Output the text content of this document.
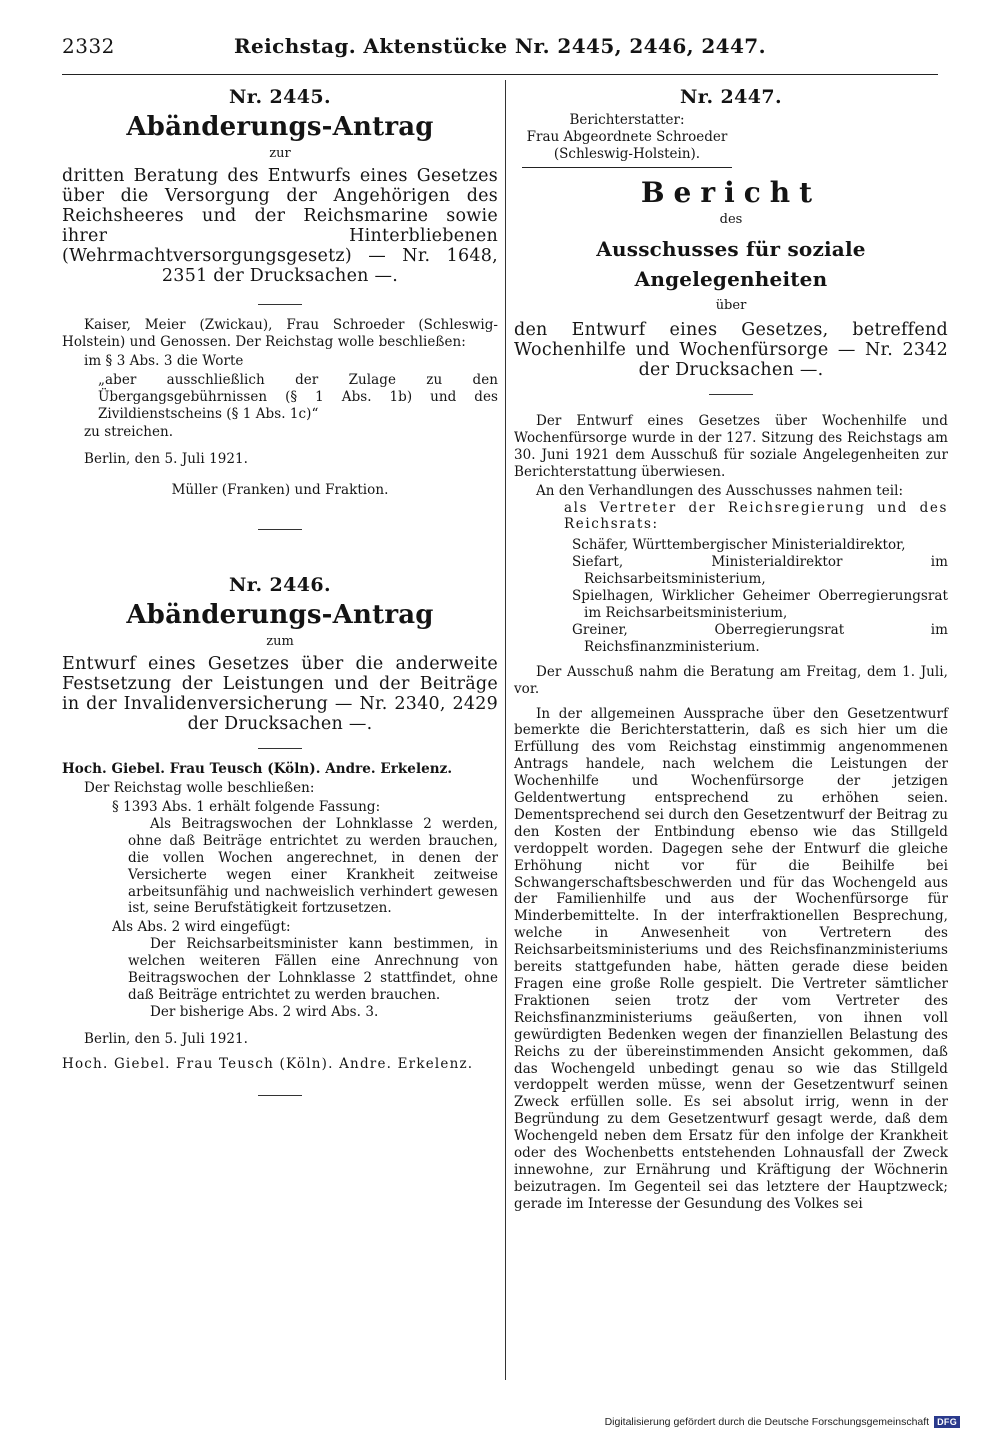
2332	Reichstag. Aktenstücke Nr. 2445, 2446, 2447.

Nr. 2445.

Abänderungs-Antrag

zur

dritten Beratung des Entwurfs eines Gesetzes über die Versorgung der Angehörigen des Reichsheeres und der Reichsmarine sowie ihrer Hinterbliebenen (Wehrmachtversorgungsgesetz) — Nr. 1648, 2351 der Drucksachen —.

Kaiser, Meier (Zwickau), Frau Schroeder (Schleswig-Holstein) und Genossen. Der Reichstag wolle beschließen:

im § 3 Abs. 3 die Worte

„aber ausschließlich der Zulage zu den Übergangsgebührnissen (§ 1 Abs. 1b) und des Zivildienstscheins (§ 1 Abs. 1c)“

zu streichen.

Berlin, den 5. Juli 1921.

Müller (Franken) und Fraktion.

Nr. 2446.

Abänderungs-Antrag

zum

Entwurf eines Gesetzes über die anderweite Festsetzung der Leistungen und der Beiträge in der Invalidenversicherung — Nr. 2340, 2429 der Drucksachen —.

Hoch. Giebel. Frau Teusch (Köln). Andre. Erkelenz.

Der Reichstag wolle beschließen:

§ 1393 Abs. 1 erhält folgende Fassung:

Als Beitragswochen der Lohnklasse 2 werden, ohne daß Beiträge entrichtet zu werden brauchen, die vollen Wochen angerechnet, in denen der Versicherte wegen einer Krankheit zeitweise arbeitsunfähig und nachweislich verhindert gewesen ist, seine Berufstätigkeit fortzusetzen.

Als Abs. 2 wird eingefügt:

Der Reichsarbeitsminister kann bestimmen, in welchen weiteren Fällen eine Anrechnung von Beitragswochen der Lohnklasse 2 stattfindet, ohne daß Beiträge entrichtet zu werden brauchen.

Der bisherige Abs. 2 wird Abs. 3.

Berlin, den 5. Juli 1921.

Hoch. Giebel. Frau Teusch (Köln). Andre. Erkelenz.

Nr. 2447.

Berichterstatter:

Frau Abgeordnete Schroeder

(Schleswig-Holstein).

Bericht

des

Ausschusses für soziale Angelegenheiten

über

den Entwurf eines Gesetzes, betreffend Wochenhilfe und Wochenfürsorge — Nr. 2342 der Drucksachen —.

Der Entwurf eines Gesetzes über Wochenhilfe und Wochenfürsorge wurde in der 127. Sitzung des Reichstags am 30. Juni 1921 dem Ausschuß für soziale Angelegenheiten zur Berichterstattung überwiesen.

An den Verhandlungen des Ausschusses nahmen teil:

als Vertreter der Reichsregierung und des Reichsrats:

Schäfer, Württembergischer Ministerialdirektor,

Siefart, Ministerialdirektor im Reichsarbeitsministerium,

Spielhagen, Wirklicher Geheimer Oberregierungsrat im Reichsarbeitsministerium,

Greiner, Oberregierungsrat im Reichsfinanzministerium.

Der Ausschuß nahm die Beratung am Freitag, dem 1. Juli, vor.

In der allgemeinen Aussprache über den Gesetzentwurf bemerkte die Berichterstatterin, daß es sich hier um die Erfüllung des vom Reichstag einstimmig angenommenen Antrags handele, nach welchem die Leistungen der Wochenhilfe und Wochenfürsorge der jetzigen Geldentwertung entsprechend zu erhöhen seien. Dementsprechend sei durch den Gesetzentwurf der Beitrag zu den Kosten der Entbindung ebenso wie das Stillgeld verdoppelt worden. Dagegen sehe der Entwurf die gleiche Erhöhung nicht vor für die Beihilfe bei Schwangerschaftsbeschwerden und für das Wochengeld aus der Familienhilfe und aus der Wochenfürsorge für Minderbemittelte. In der interfraktionellen Besprechung, welche in Anwesenheit von Vertretern des Reichsarbeitsministeriums und des Reichsfinanzministeriums bereits stattgefunden habe, hätten gerade diese beiden Fragen eine große Rolle gespielt. Die Vertreter sämtlicher Fraktionen seien trotz der vom Vertreter des Reichsfinanzministeriums geäußerten, von ihnen voll gewürdigten Bedenken wegen der finanziellen Belastung des Reichs zu der übereinstimmenden Ansicht gekommen, daß das Wochengeld unbedingt genau so wie das Stillgeld verdoppelt werden müsse, wenn der Gesetzentwurf seinen Zweck erfüllen solle. Es sei absolut irrig, wenn in der Begründung zu dem Gesetzentwurf gesagt werde, daß dem Wochengeld neben dem Ersatz für den infolge der Krankheit oder des Wochenbetts entstehenden Lohnausfall der Zweck innewohne, zur Ernährung und Kräftigung der Wöchnerin beizutragen. Im Gegenteil sei das letztere der Hauptzweck; gerade im Interesse der Gesundung des Volkes sei

Digitalisierung gefördert durch die Deutsche Forschungsgemeinschaft DFG
